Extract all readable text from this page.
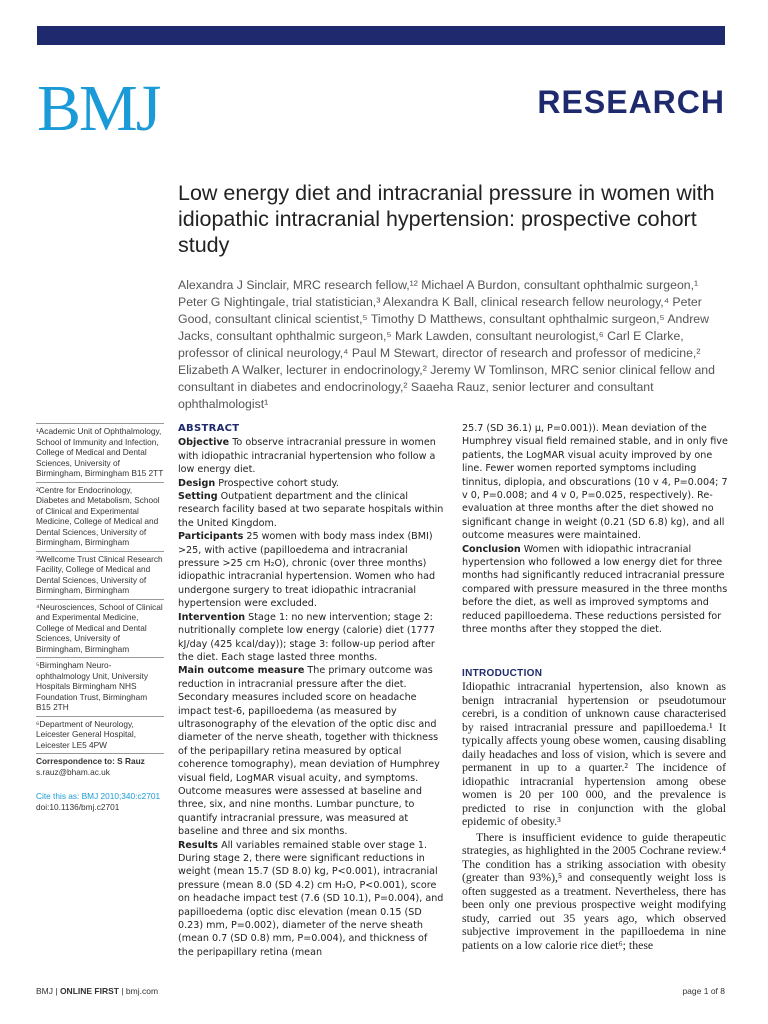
BMJ	RESEARCH
Low energy diet and intracranial pressure in women with idiopathic intracranial hypertension: prospective cohort study
Alexandra J Sinclair, MRC research fellow,¹² Michael A Burdon, consultant ophthalmic surgeon,¹ Peter G Nightingale, trial statistician,³ Alexandra K Ball, clinical research fellow neurology,⁴ Peter Good, consultant clinical scientist,⁵ Timothy D Matthews, consultant ophthalmic surgeon,⁵ Andrew Jacks, consultant ophthalmic surgeon,⁵ Mark Lawden, consultant neurologist,⁶ Carl E Clarke, professor of clinical neurology,⁴ Paul M Stewart, director of research and professor of medicine,² Elizabeth A Walker, lecturer in endocrinology,² Jeremy W Tomlinson, MRC senior clinical fellow and consultant in diabetes and endocrinology,² Saaeha Rauz, senior lecturer and consultant ophthalmologist¹
¹Academic Unit of Ophthalmology, School of Immunity and Infection, College of Medical and Dental Sciences, University of Birmingham, Birmingham B15 2TT
²Centre for Endocrinology, Diabetes and Metabolism, School of Clinical and Experimental Medicine, College of Medical and Dental Sciences, University of Birmingham, Birmingham
³Wellcome Trust Clinical Research Facility, College of Medical and Dental Sciences, University of Birmingham, Birmingham
⁴Neurosciences, School of Clinical and Experimental Medicine, College of Medical and Dental Sciences, University of Birmingham, Birmingham
⁵Birmingham Neuro-ophthalmology Unit, University Hospitals Birmingham NHS Foundation Trust, Birmingham B15 2TH
⁶Department of Neurology, Leicester General Hospital, Leicester LE5 4PW
Correspondence to: S Rauz
s.rauz@bham.ac.uk
Cite this as: BMJ 2010;340:c2701
doi:10.1136/bmj.c2701
ABSTRACT

Objective To observe intracranial pressure in women with idiopathic intracranial hypertension who follow a low energy diet.

Design Prospective cohort study.

Setting Outpatient department and the clinical research facility based at two separate hospitals within the United Kingdom.

Participants 25 women with body mass index (BMI) >25, with active (papilloedema and intracranial pressure >25 cm H₂O), chronic (over three months) idiopathic intracranial hypertension. Women who had undergone surgery to treat idiopathic intracranial hypertension were excluded.

Intervention Stage 1: no new intervention; stage 2: nutritionally complete low energy (calorie) diet (1777 kJ/day (425 kcal/day)); stage 3: follow-up period after the diet. Each stage lasted three months.

Main outcome measure The primary outcome was reduction in intracranial pressure after the diet. Secondary measures included score on headache impact test-6, papilloedema (as measured by ultrasonography of the elevation of the optic disc and diameter of the nerve sheath, together with thickness of the peripapillary retina measured by optical coherence tomography), mean deviation of Humphrey visual field, LogMAR visual acuity, and symptoms. Outcome measures were assessed at baseline and three, six, and nine months. Lumbar puncture, to quantify intracranial pressure, was measured at baseline and three and six months.

Results All variables remained stable over stage 1. During stage 2, there were significant reductions in weight (mean 15.7 (SD 8.0) kg, P<0.001), intracranial pressure (mean 8.0 (SD 4.2) cm H₂O, P<0.001), score on headache impact test (7.6 (SD 10.1), P=0.004), and papilloedema (optic disc elevation (mean 0.15 (SD 0.23) mm, P=0.002), diameter of the nerve sheath (mean 0.7 (SD 0.8) mm, P=0.004), and thickness of the peripapillary retina (mean

25.7 (SD 36.1) μ, P=0.001)). Mean deviation of the Humphrey visual field remained stable, and in only five patients, the LogMAR visual acuity improved by one line. Fewer women reported symptoms including tinnitus, diplopia, and obscurations (10 v 4, P=0.004; 7 v 0, P=0.008; and 4 v 0, P=0.025, respectively). Re-evaluation at three months after the diet showed no significant change in weight (0.21 (SD 6.8) kg), and all outcome measures were maintained.

Conclusion Women with idiopathic intracranial hypertension who followed a low energy diet for three months had significantly reduced intracranial pressure compared with pressure measured in the three months before the diet, as well as improved symptoms and reduced papilloedema. These reductions persisted for three months after they stopped the diet.

INTRODUCTION

Idiopathic intracranial hypertension, also known as benign intracranial hypertension or pseudotumour cerebri, is a condition of unknown cause characterised by raised intracranial pressure and papilloedema.¹ It typically affects young obese women, causing disabling daily headaches and loss of vision, which is severe and permanent in up to a quarter.² The incidence of idiopathic intracranial hypertension among obese women is 20 per 100 000, and the prevalence is predicted to rise in conjunction with the global epidemic of obesity.³

There is insufficient evidence to guide therapeutic strategies, as highlighted in the 2005 Cochrane review.⁴ The condition has a striking association with obesity (greater than 93%),⁵ and consequently weight loss is often suggested as a treatment. Nevertheless, there has been only one previous prospective weight modifying study, carried out 35 years ago, which observed subjective improvement in the papilloedema in nine patients on a low calorie rice diet⁶; these

BMJ | ONLINE FIRST | bmj.com	page 1 of 8
